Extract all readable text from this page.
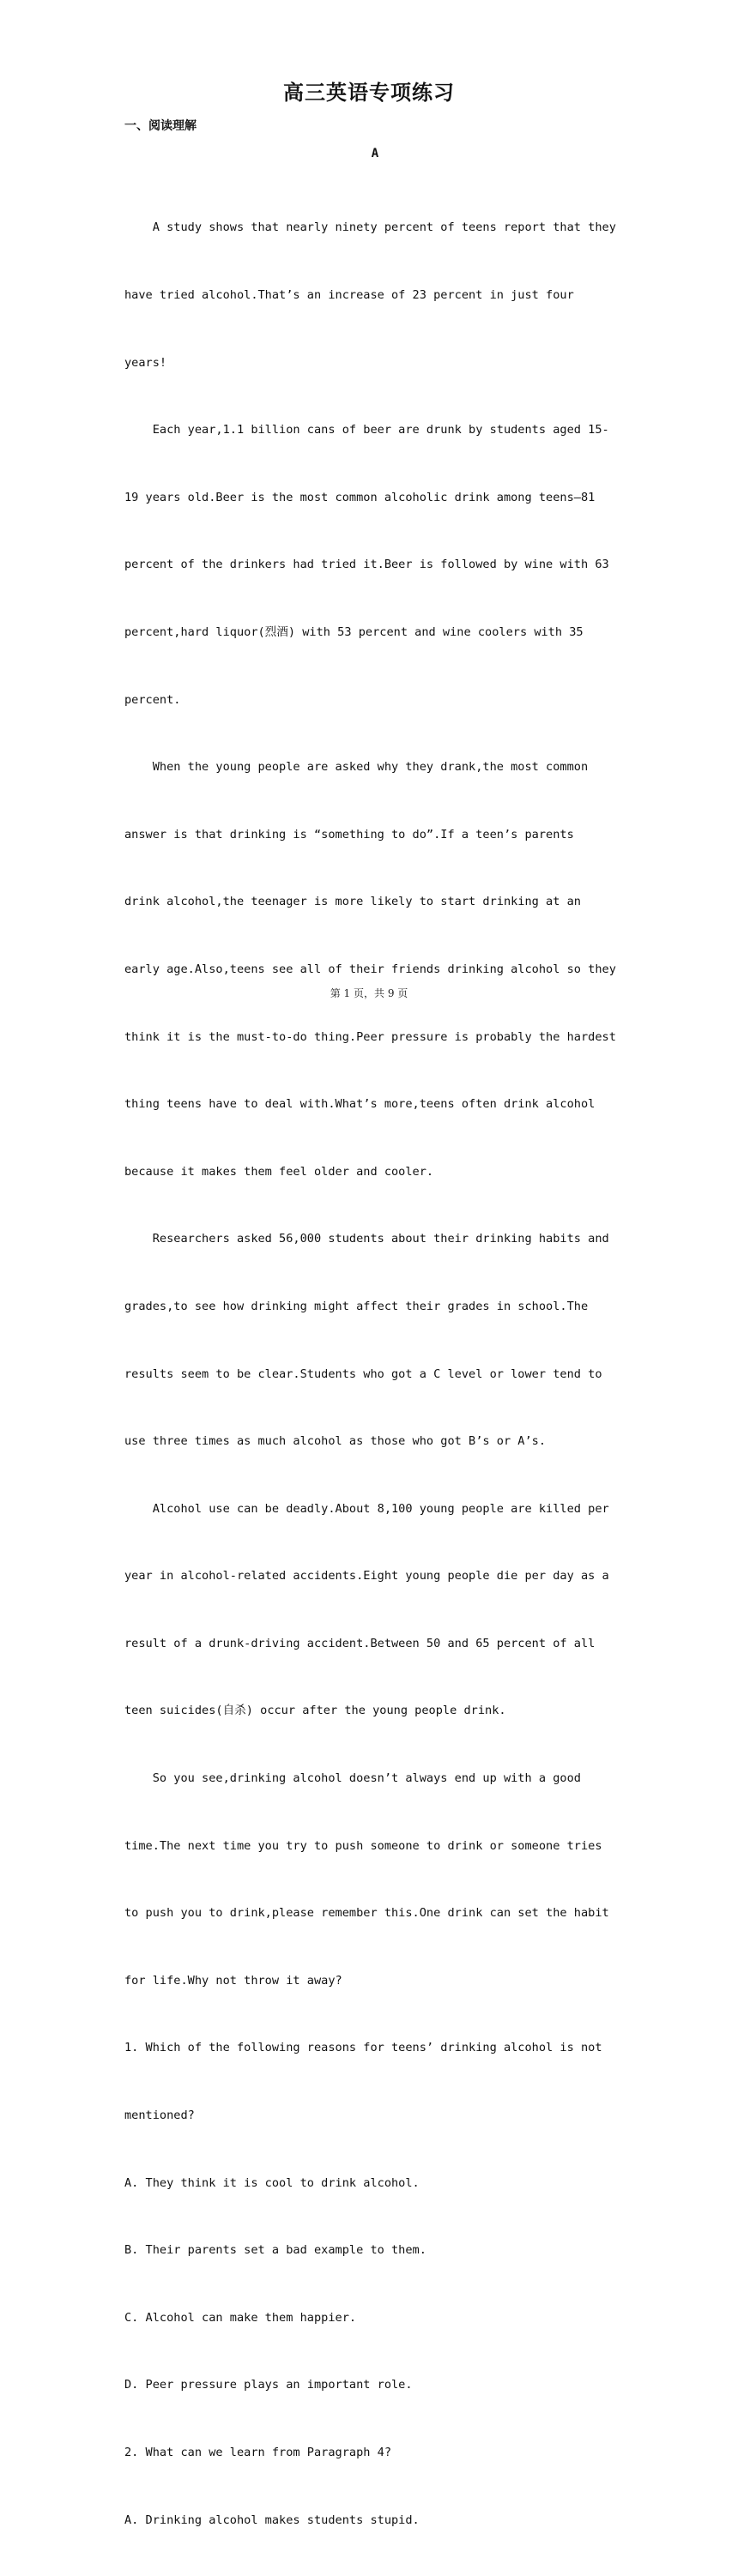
高三英语专项练习
一、阅读理解
A

A study shows that nearly ninety percent of teens report that they

have tried alcohol.That’s an increase of 23 percent in just four

years!

Each year,1.1 billion cans of beer are drunk by students aged 15-

19 years old.Beer is the most common alcoholic drink among teens—81

percent of the drinkers had tried it.Beer is followed by wine with 63

percent,hard liquor(烈酒) with 53 percent and wine coolers with 35

percent.

When the young people are asked why they drank,the most common

answer is that drinking is “something to do”.If a teen’s parents

drink alcohol,the teenager is more likely to start drinking at an

early age.Also,teens see all of their friends drinking alcohol so they

think it is the must-to-do thing.Peer pressure is probably the hardest

thing teens have to deal with.What’s more,teens often drink alcohol

because it makes them feel older and cooler.

Researchers asked 56,000 students about their drinking habits and

grades,to see how drinking might affect their grades in school.The

results seem to be clear.Students who got a C level or lower tend to

use three times as much alcohol as those who got B’s or A’s.

Alcohol use can be deadly.About 8,100 young people are killed per

year in alcohol-related accidents.Eight young people die per day as a

result of a drunk-driving accident.Between 50 and 65 percent of all

teen suicides(自杀) occur after the young people drink.

So you see,drinking alcohol doesn’t always end up with a good

time.The next time you try to push someone to drink or someone tries

to push you to drink,please remember this.One drink can set the habit

for life.Why not throw it away?

1. Which of the following reasons for teens’ drinking alcohol is not

mentioned?

A. They think it is cool to drink alcohol.

B. Their parents set a bad example to them.

C. Alcohol can make them happier.

D. Peer pressure plays an important role.

2. What can we learn from Paragraph 4?

A. Drinking alcohol makes students stupid.

第 1 页，共 9 页
